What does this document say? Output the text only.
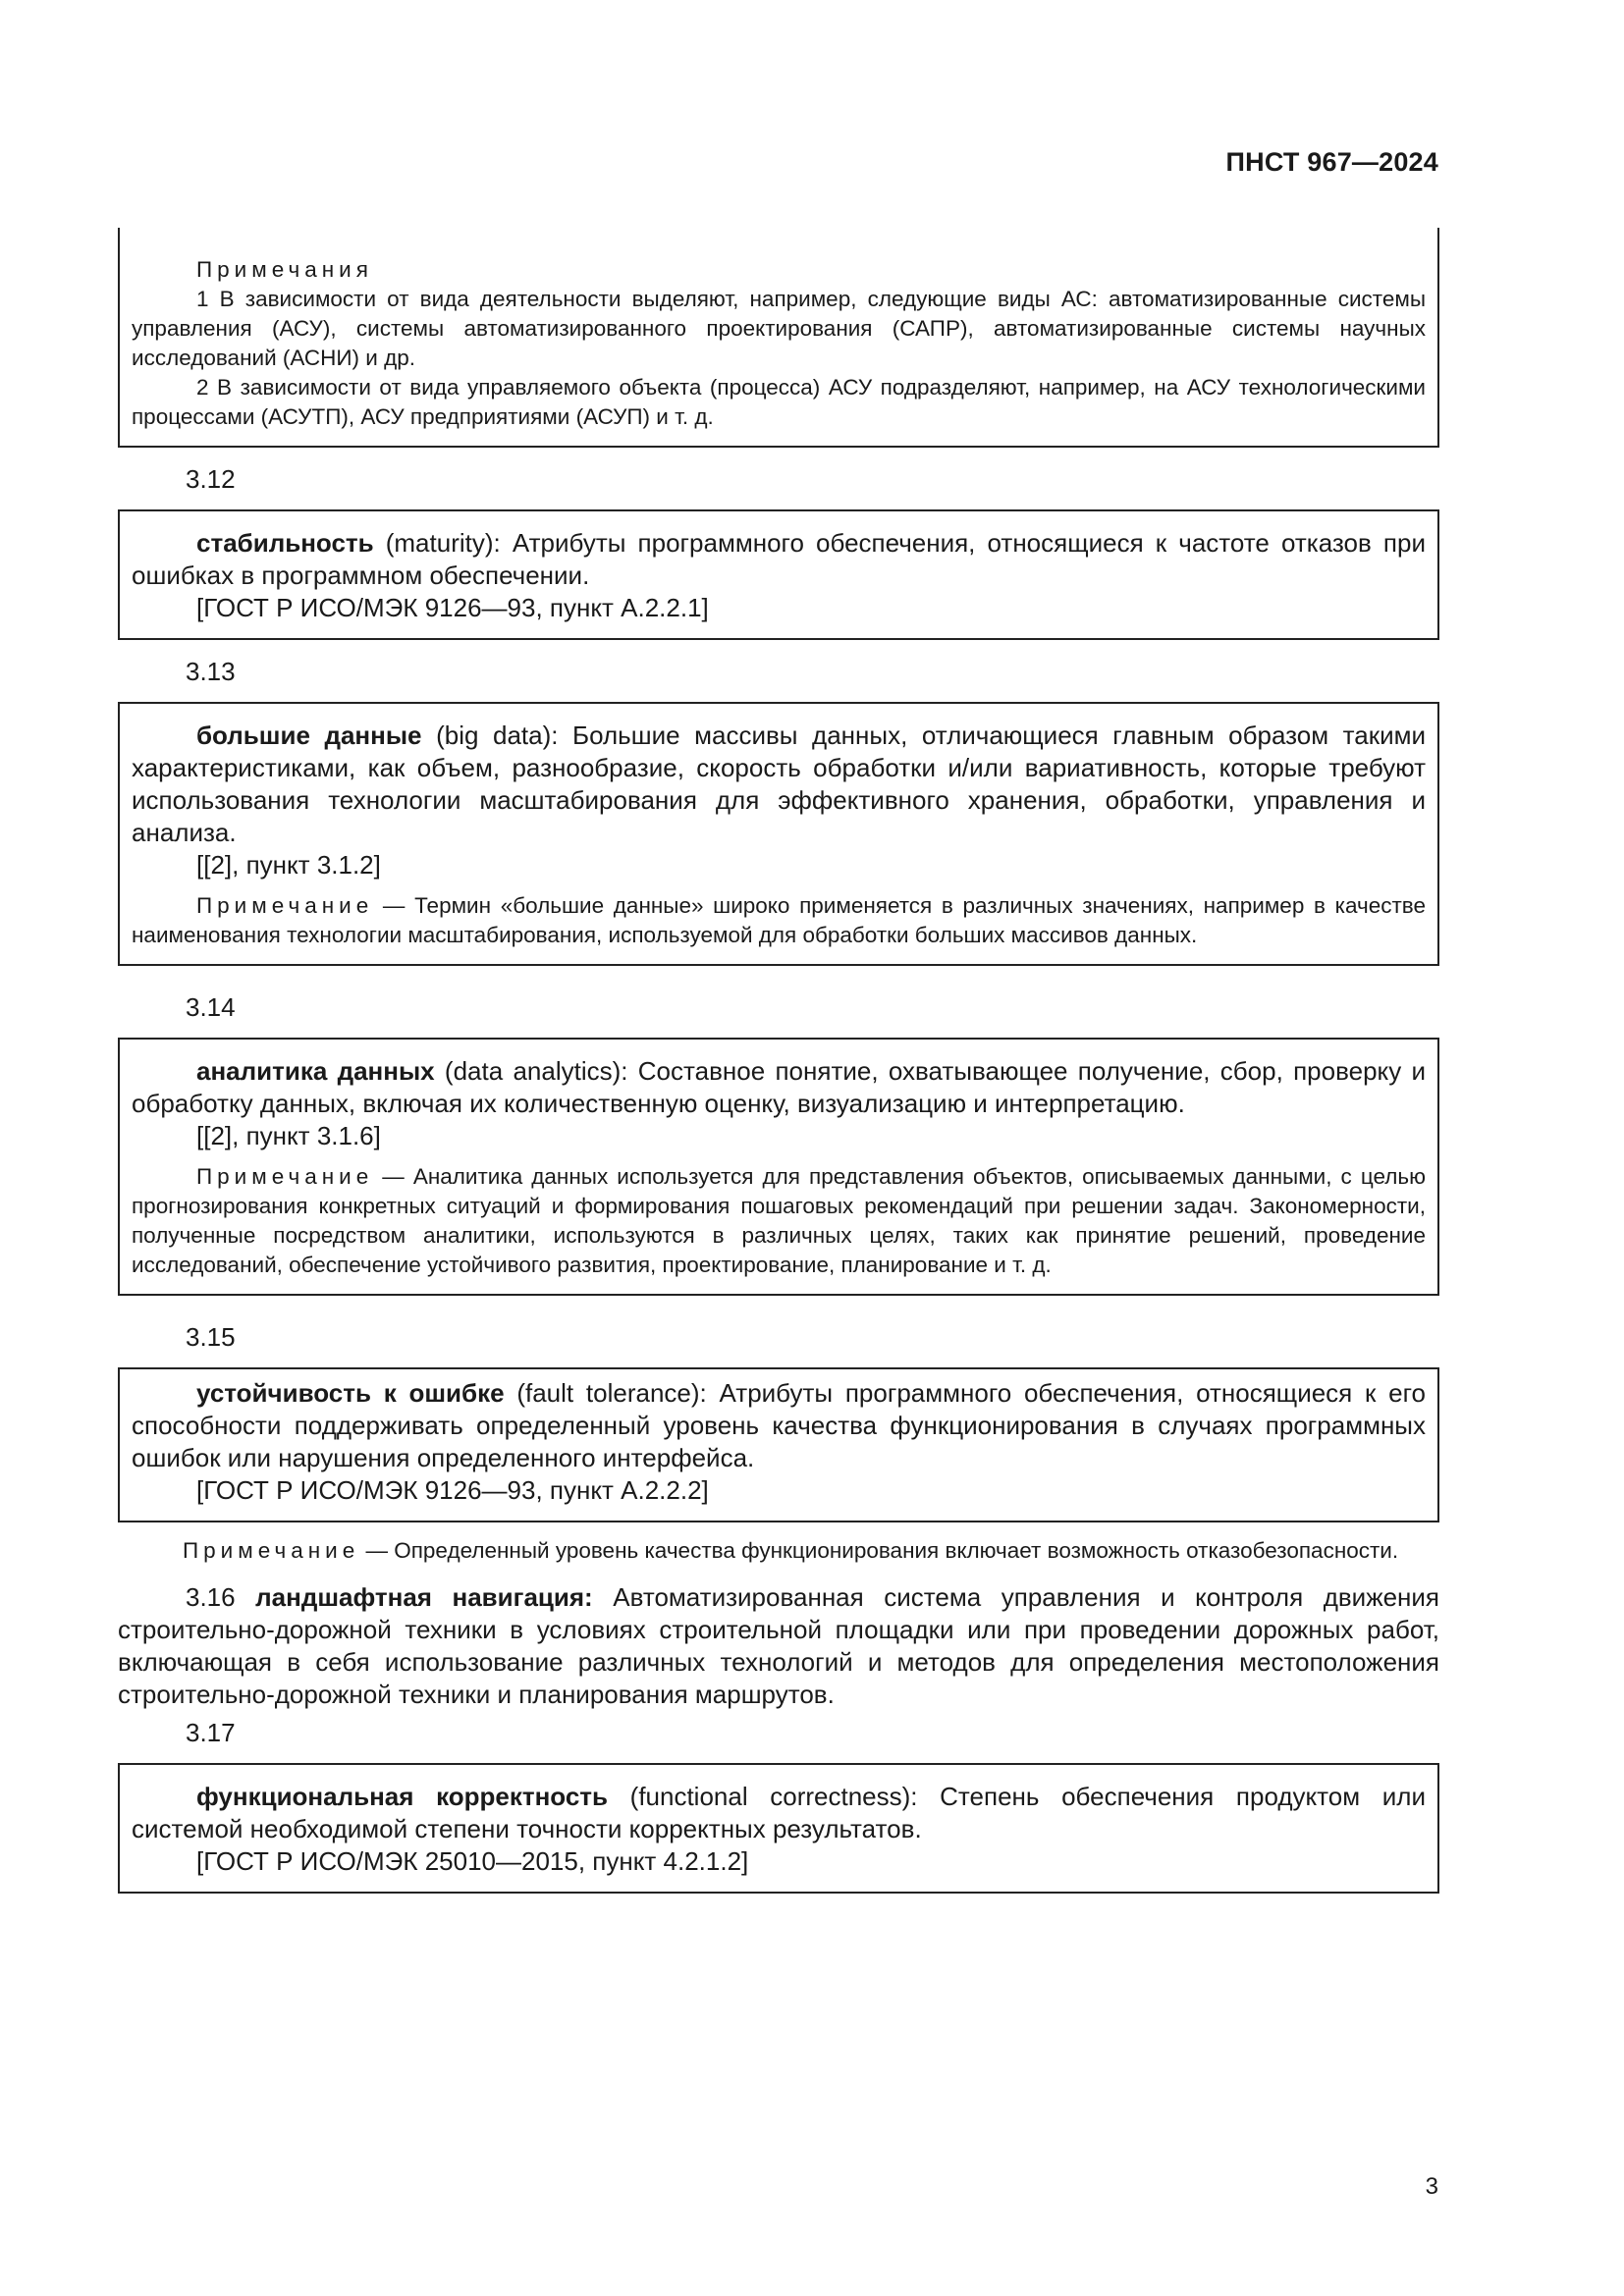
ПНСТ 967—2024

Примечания

1 В зависимости от вида деятельности выделяют, например, следующие виды АС: автоматизированные системы управления (АСУ), системы автоматизированного проектирования (САПР), автоматизированные системы научных исследований (АСНИ) и др.

2 В зависимости от вида управляемого объекта (процесса) АСУ подразделяют, например, на АСУ технологическими процессами (АСУТП), АСУ предприятиями (АСУП) и т. д.

3.12

стабильность (maturity): Атрибуты программного обеспечения, относящиеся к частоте отказов при ошибках в программном обеспечении.

[ГОСТ Р ИСО/МЭК 9126—93, пункт А.2.2.1]

3.13

большие данные (big data): Большие массивы данных, отличающиеся главным образом такими характеристиками, как объем, разнообразие, скорость обработки и/или вариативность, которые требуют использования технологии масштабирования для эффективного хранения, обработки, управления и анализа.

[[2], пункт 3.1.2]

Примечание — Термин «большие данные» широко применяется в различных значениях, например в качестве наименования технологии масштабирования, используемой для обработки больших массивов данных.

3.14

аналитика данных (data analytics): Составное понятие, охватывающее получение, сбор, проверку и обработку данных, включая их количественную оценку, визуализацию и интерпретацию.

[[2], пункт 3.1.6]

Примечание — Аналитика данных используется для представления объектов, описываемых данными, с целью прогнозирования конкретных ситуаций и формирования пошаговых рекомендаций при решении задач. Закономерности, полученные посредством аналитики, используются в различных целях, таких как принятие решений, проведение исследований, обеспечение устойчивого развития, проектирование, планирование и т. д.

3.15

устойчивость к ошибке (fault tolerance): Атрибуты программного обеспечения, относящиеся к его способности поддерживать определенный уровень качества функционирования в случаях программных ошибок или нарушения определенного интерфейса.

[ГОСТ Р ИСО/МЭК 9126—93, пункт А.2.2.2]

Примечание — Определенный уровень качества функционирования включает возможность отказобезопасности.

3.16 ландшафтная навигация: Автоматизированная система управления и контроля движения строительно-дорожной техники в условиях строительной площадки или при проведении дорожных работ, включающая в себя использование различных технологий и методов для определения местоположения строительно-дорожной техники и планирования маршрутов.

3.17

функциональная корректность (functional correctness): Степень обеспечения продуктом или системой необходимой степени точности корректных результатов.

[ГОСТ Р ИСО/МЭК 25010—2015, пункт 4.2.1.2]

3
